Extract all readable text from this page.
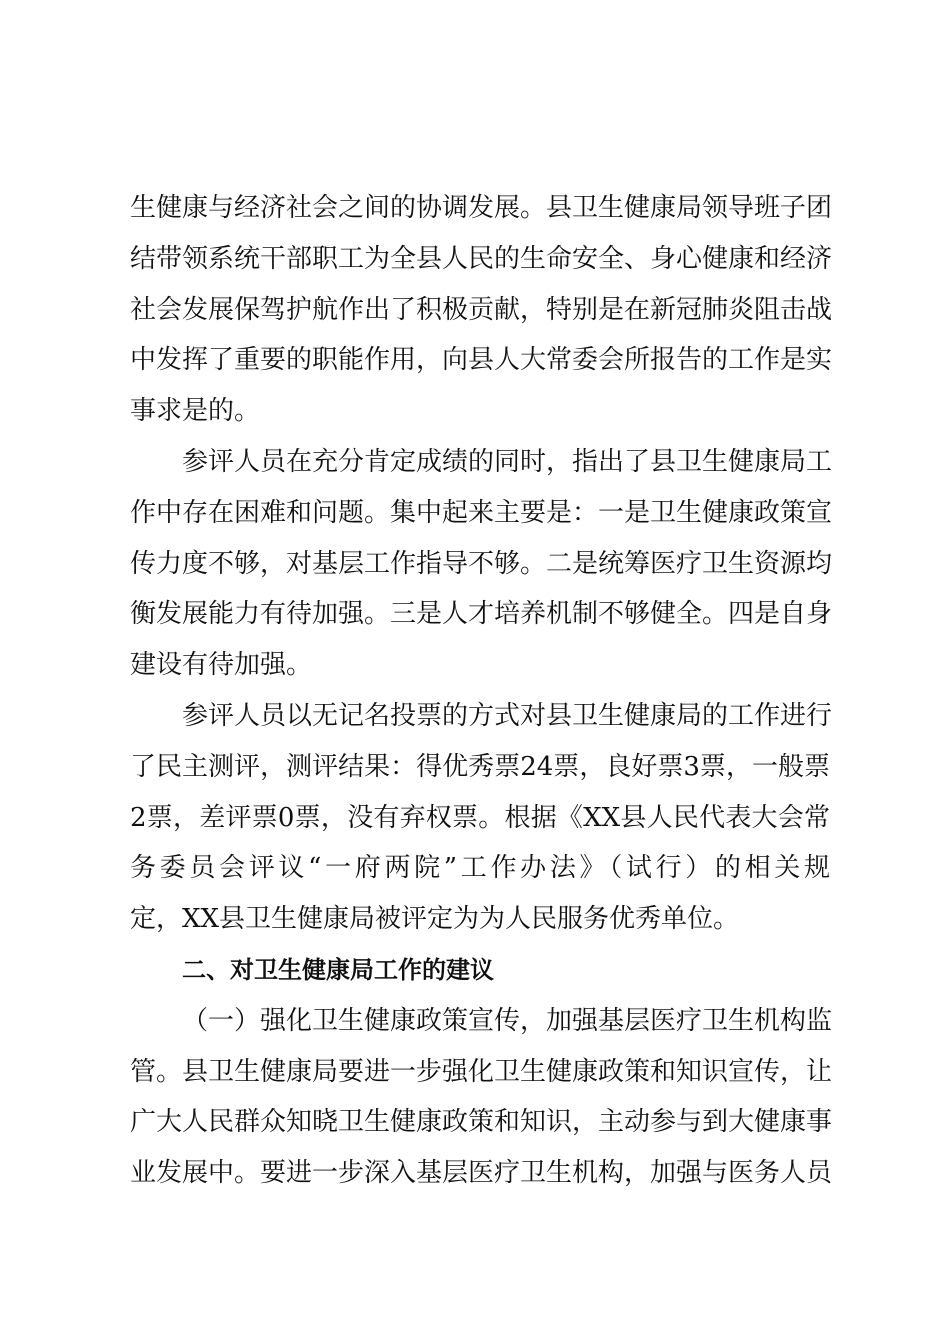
生健康与经济社会之间的协调发展。县卫生健康局领导班子团
结带领系统干部职工为全县人民的生命安全、身心健康和经济
社会发展保驾护航作出了积极贡献，特别是在新冠肺炎阻击战
中发挥了重要的职能作用，向县人大常委会所报告的工作是实
事求是的。
参评人员在充分肯定成绩的同时，指出了县卫生健康局工
作中存在困难和问题。集中起来主要是：一是卫生健康政策宣
传力度不够，对基层工作指导不够。二是统筹医疗卫生资源均
衡发展能力有待加强。三是人才培养机制不够健全。四是自身
建设有待加强。
参评人员以无记名投票的方式对县卫生健康局的工作进行
了民主测评，测评结果：得优秀票24票，良好票3票，一般票
2票，差评票0票，没有弃权票。根据《XX县人民代表大会常
务委员会评议“一府两院”工作办法》（试行）的相关规
定，XX县卫生健康局被评定为为人民服务优秀单位。
二、对卫生健康局工作的建议
（一）强化卫生健康政策宣传，加强基层医疗卫生机构监
管。县卫生健康局要进一步强化卫生健康政策和知识宣传，让
广大人民群众知晓卫生健康政策和知识，主动参与到大健康事
业发展中。要进一步深入基层医疗卫生机构，加强与医务人员
